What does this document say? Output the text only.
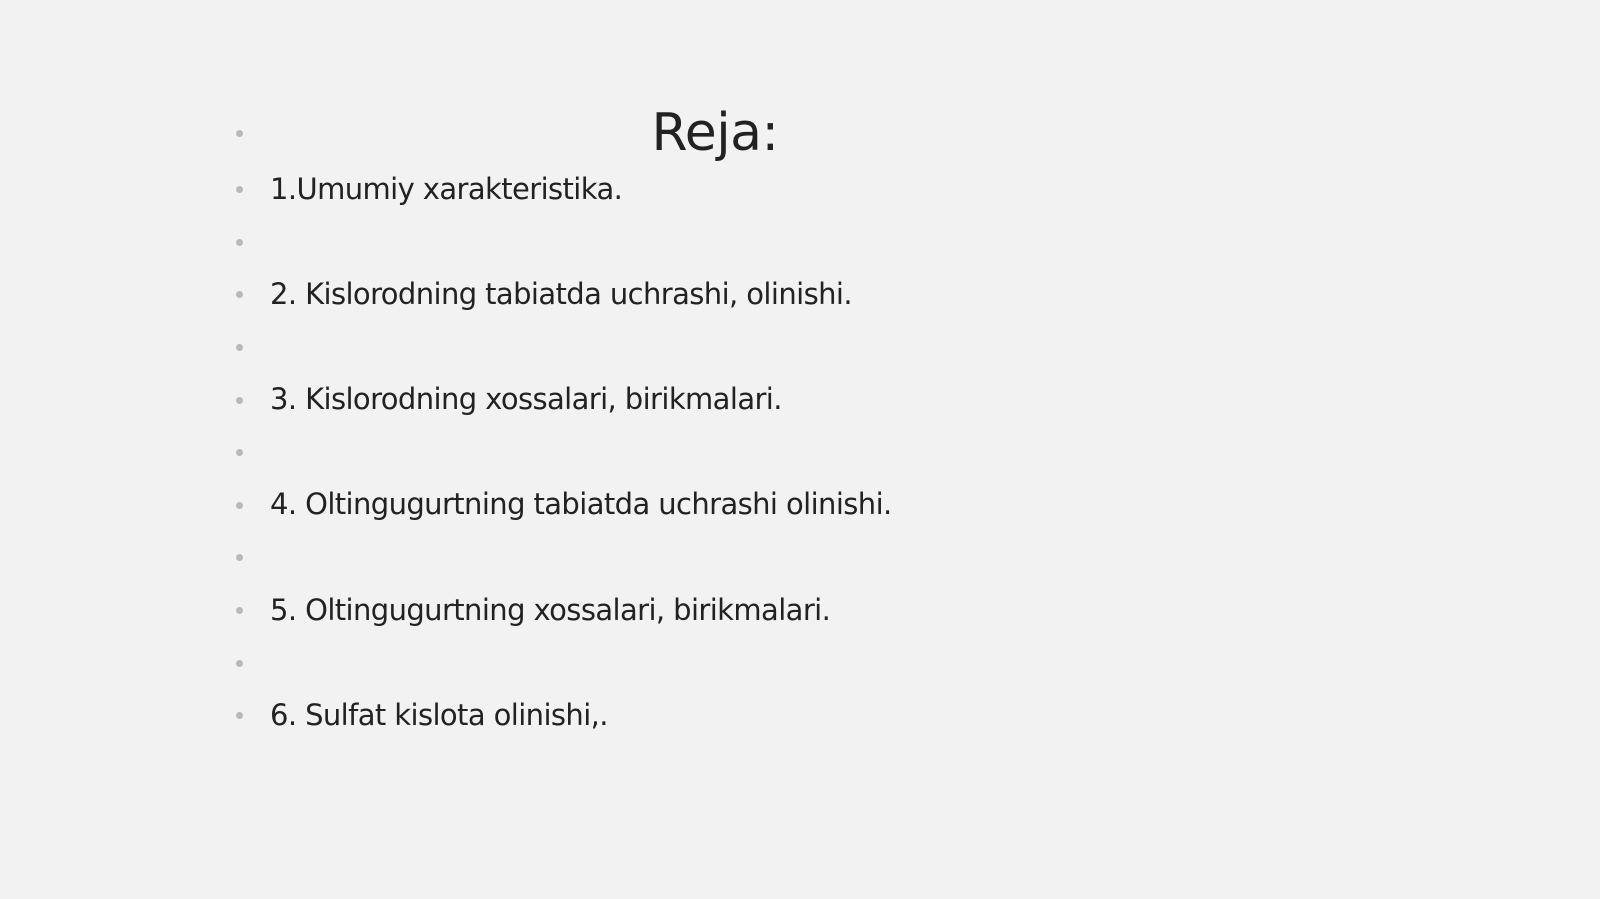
Reja:
1.Umumiy xarakteristika.
2. Kislorodning tabiatda uchrashi, olinishi.
3. Kislorodning xossalari, birikmalari.
4. Oltingugurtning tabiatda uchrashi olinishi.
5. Oltingugurtning xossalari, birikmalari.
6. Sulfat kislota olinishi,.
